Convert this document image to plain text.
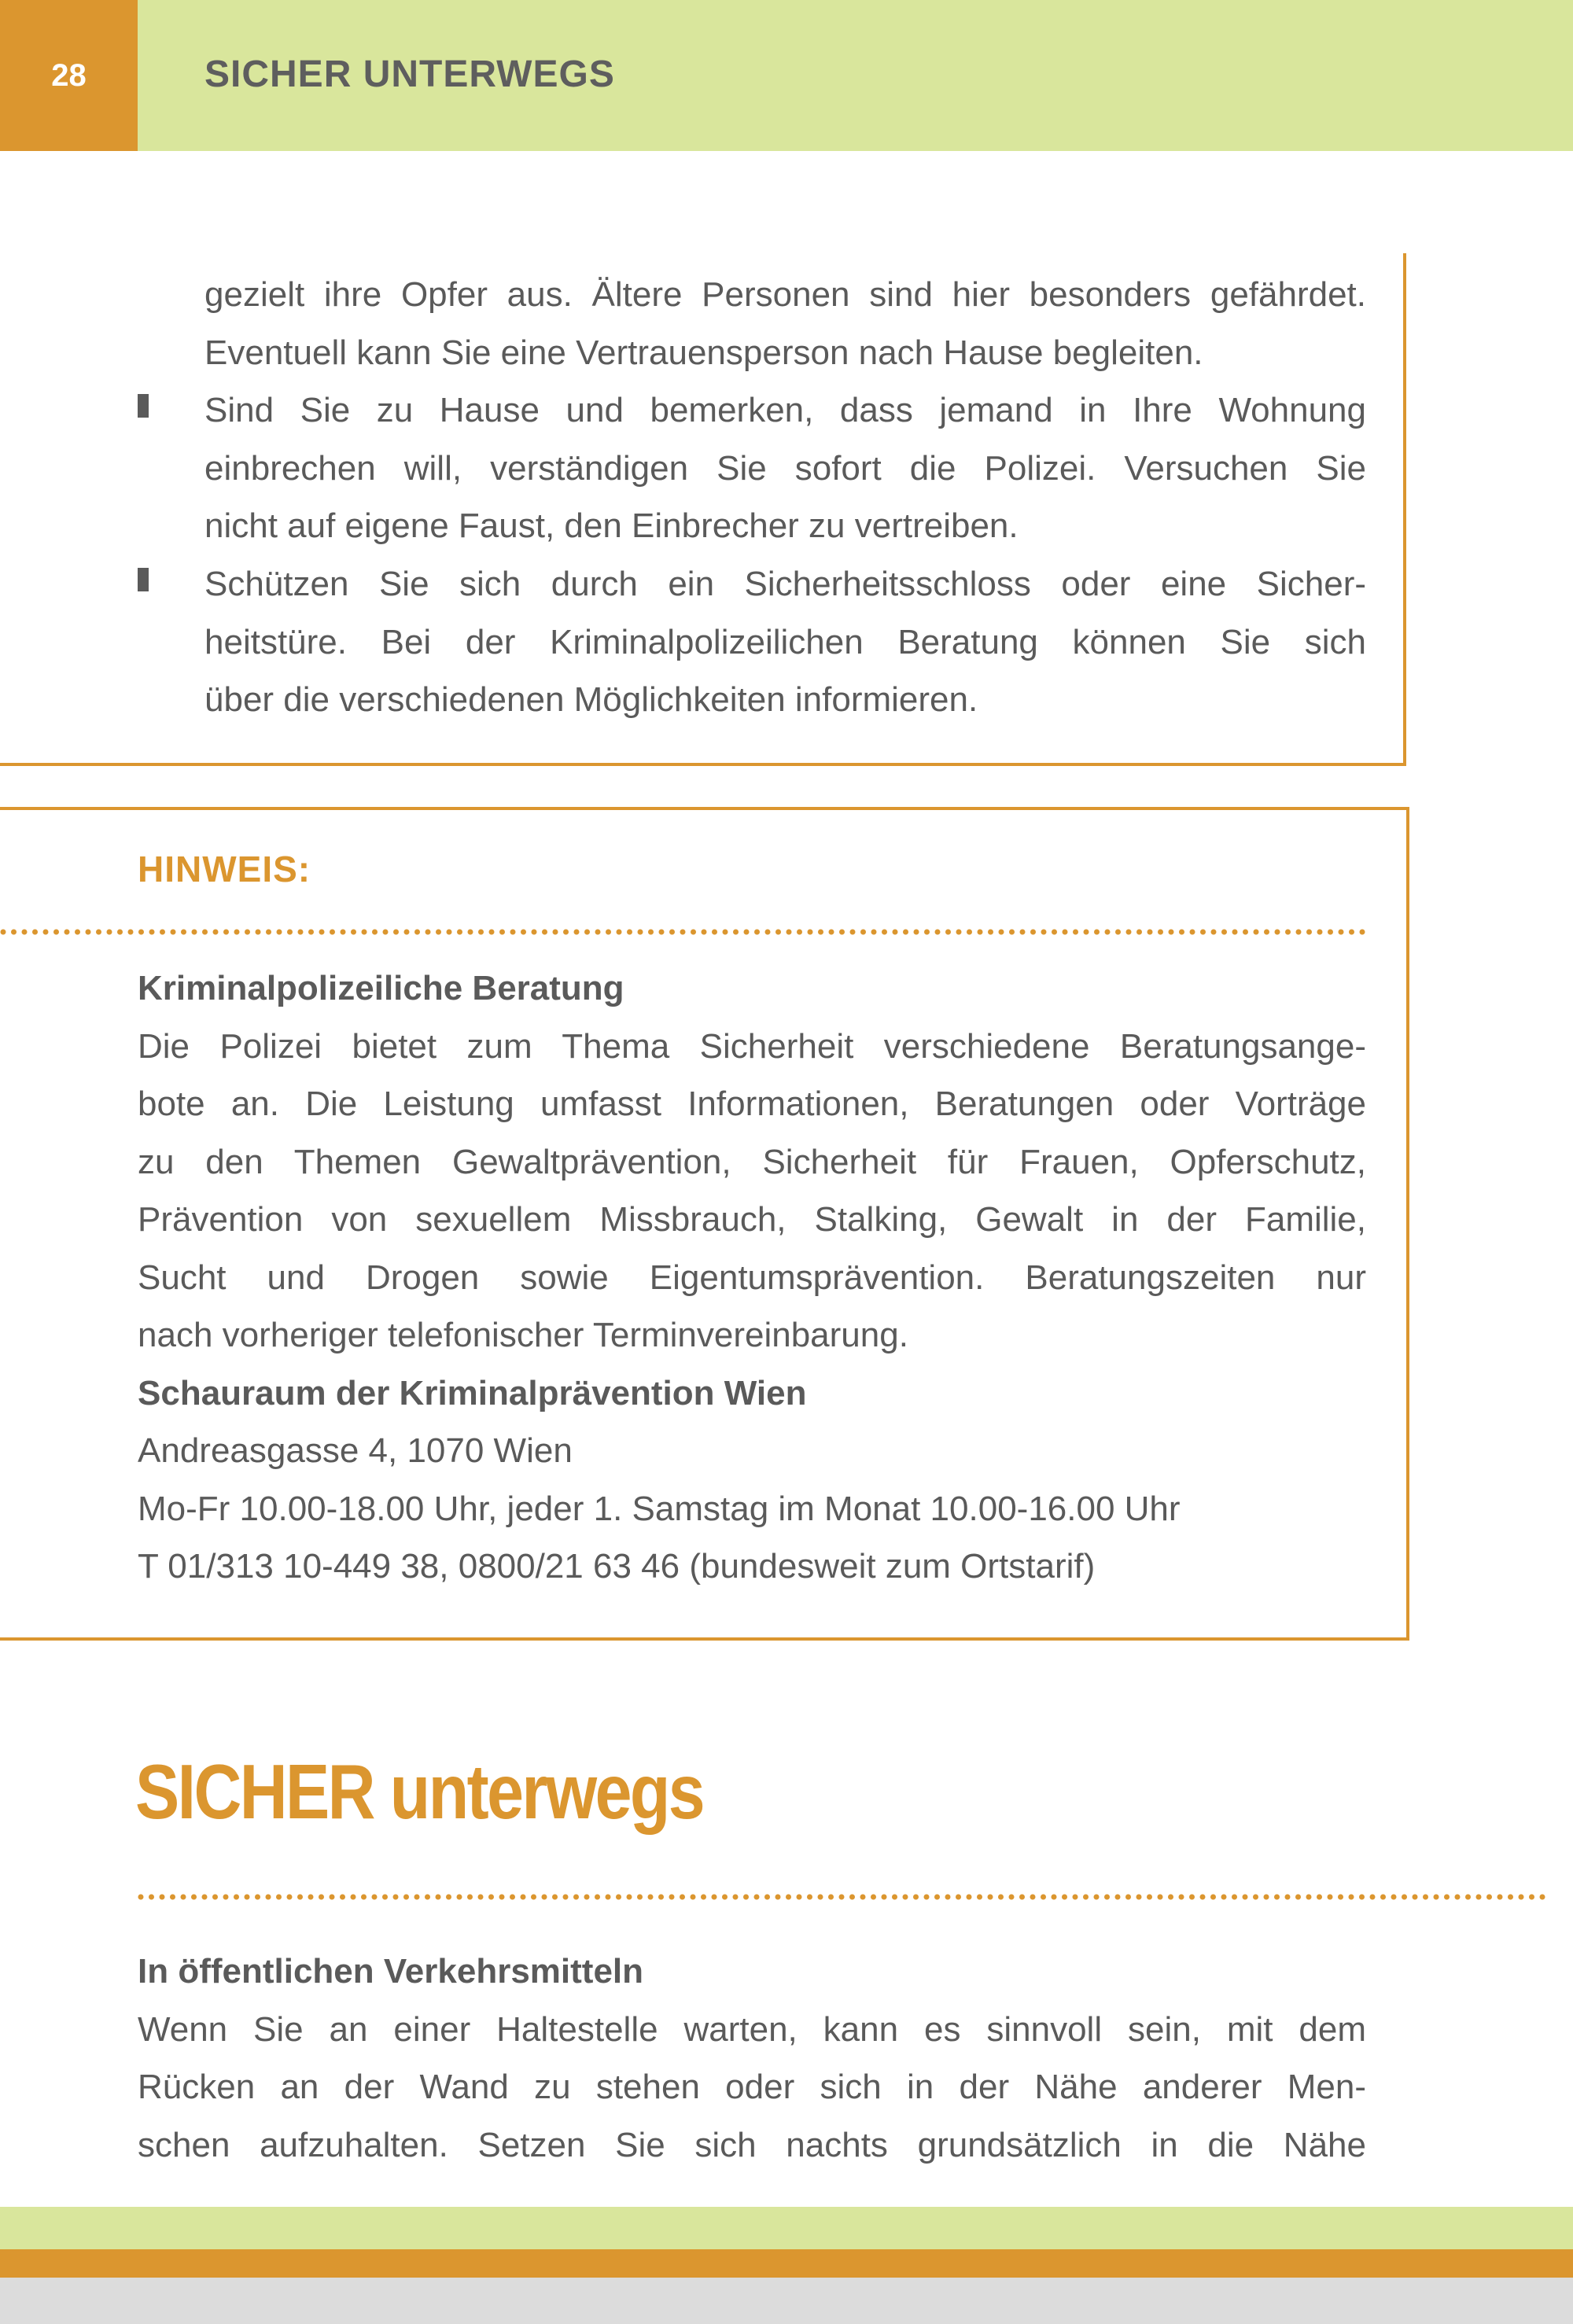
28	SICHER UNTERWEGS

gezielt ihre Opfer aus. Ältere Personen sind hier besonders gefährdet.

Eventuell kann Sie eine Vertrauensperson nach Hause begleiten.

Sind Sie zu Hause und bemerken, dass jemand in Ihre Wohnung

einbrechen will, verständigen Sie sofort die Polizei. Versuchen Sie

nicht auf eigene Faust, den Einbrecher zu vertreiben.

Schützen Sie sich durch ein Sicherheitsschloss oder eine Sicher-

heitstüre. Bei der Kriminalpolizeilichen Beratung können Sie sich

über die verschiedenen Möglichkeiten informieren.

HINWEIS:

Kriminalpolizeiliche Beratung

Die Polizei bietet zum Thema Sicherheit verschiedene Beratungsange-

bote an. Die Leistung umfasst Informationen, Beratungen oder Vorträge

zu den Themen Gewaltprävention, Sicherheit für Frauen, Opferschutz,

Prävention von sexuellem Missbrauch, Stalking, Gewalt in der Familie,

Sucht und Drogen sowie Eigentumsprävention. Beratungszeiten nur

nach vorheriger telefonischer Terminvereinbarung.

Schauraum der Kriminalprävention Wien

Andreasgasse 4, 1070 Wien

Mo-Fr 10.00-18.00 Uhr, jeder 1. Samstag im Monat 10.00-16.00 Uhr

T 01/313 10-449 38, 0800/21 63 46 (bundesweit zum Ortstarif)

SICHER unterwegs

In öffentlichen Verkehrsmitteln

Wenn Sie an einer Haltestelle warten, kann es sinnvoll sein, mit dem

Rücken an der Wand zu stehen oder sich in der Nähe anderer Men-

schen aufzuhalten. Setzen Sie sich nachts grundsätzlich in die Nähe
